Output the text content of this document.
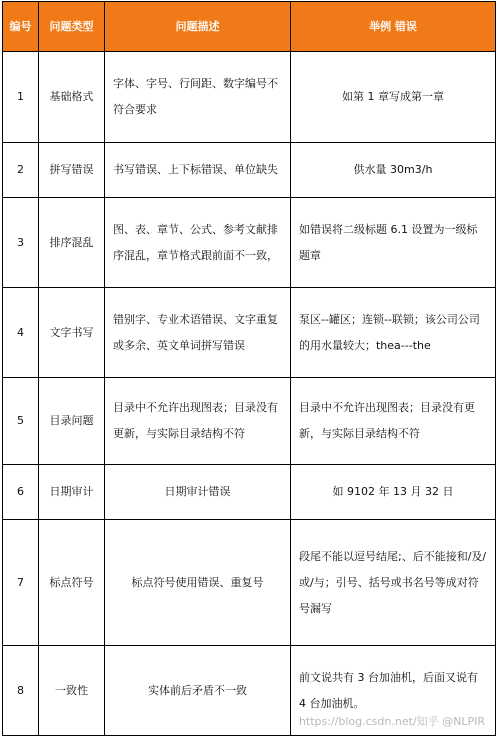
编号	问题类型	问题描述	举例 错误
1	基础格式	字体、字号、行间距、数字编号不符合要求	如第 1 章写成第一章
2	拼写错误	书写错误、上下标错误、单位缺失	供水量 30m3/h
3	排序混乱	图、表、章节、公式、参考文献排序混乱，章节格式跟前面不一致，	如错误将二级标题 6.1 设置为一级标题章
4	文字书写	错别字、专业术语错误、文字重复或多余、英文单词拼写错误	泵区--罐区；连锁--联锁；该公司公司的用水量较大；thea---the
5	目录问题	目录中不允许出现图表；目录没有更新，与实际目录结构不符	目录中不允许出现图表；目录没有更新，与实际目录结构不符
6	日期审计	日期审计错误	如 9102 年 13 月 32 日
7	标点符号	标点符号使用错误、重复号	段尾不能以逗号结尾;、后不能接和/及/或/与；引号、括号或书名号等成对符号漏写
8	一致性	实体前后矛盾不一致	前文说共有 3 台加油机，后面又说有 4 台加油机。
https://blog.csdn.net/知乎 @NLPIR
